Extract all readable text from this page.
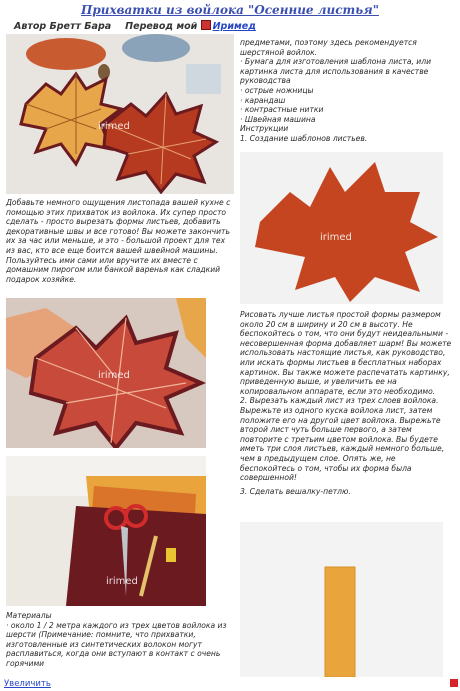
Прихватки из войлока "Осенние листья"
Автор Бретт Бара Перевод мой Иримед
irimed

Добавьте немного ощущения листопада вашей кухне с помощью этих прихваток из войлока. Их супер просто сделать - просто вырезать формы листьев, добавить декоративные швы и все готово! Вы можете закончить их за час или меньше, и это - большой проект для тех из вас, кто все еще боится вашей швейной машины. Пользуйтесь ими сами или вручите их вместе с домашним пирогом или банкой варенья как сладкий подарок хозяйке.

irimed
irimed

Материалы

· около 1 / 2 метра каждого из трех цветов войлока из шерсти (Примечание: помните, что прихватки, изготовленные из синтетических волокон могут расплавиться, когда они вступают в контакт с очень горячими

предметами, поэтому здесь рекомендуется шерстяной войлок.

· Бумага для изготовления шаблона листа, или картинка листа для использования в качестве руководства

· острые ножницы

· карандаш

· контрастные нитки

· Швейная машина

Инструкции

1. Создание шаблонов листьев.

irimed

Рисовать лучше листья простой формы размером около 20 см в ширину и 20 см в высоту. Не беспокойтесь о том, что они будут неидеальными - несовершенная форма добавляет шарм! Вы можете использовать настоящие листья, как руководство, или искать формы листьев в бесплатных наборах картинок. Вы также можете распечатать картинку, приведенную выше, и увеличить ее на копировальном аппарате, если это необходимо.

2. Вырезать каждый лист из трех слоев войлока. Вырежьте из одного куска войлока лист, затем положите его на другой цвет войлока. Вырежьте второй лист чуть больше первого, а затем повторите с третьим цветом войлока. Вы будете иметь три слоя листьев, каждый немного больше, чем в предыдущем слое. Опять же, не беспокойтесь о том, чтобы их форма была совершенной!

3. Сделать вешалку-петлю.

Увеличить
